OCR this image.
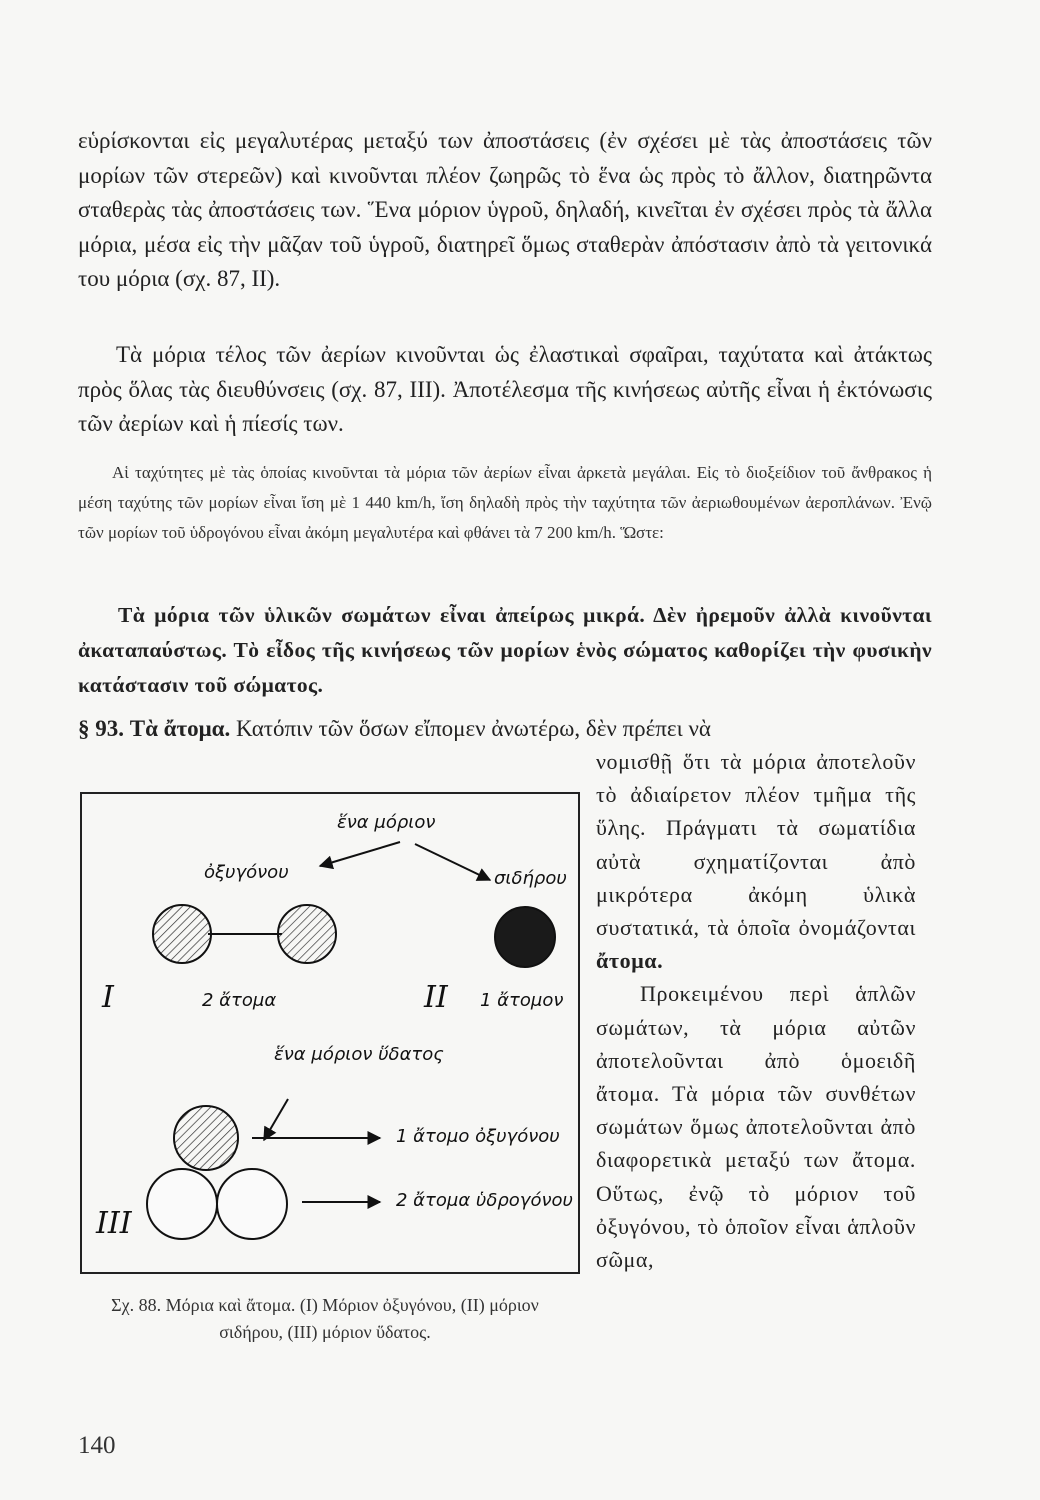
εὑρίσκονται εἰς μεγαλυτέρας μεταξύ των ἀποστάσεις (ἐν σχέσει μὲ τὰς ἀποστάσεις τῶν μορίων τῶν στερεῶν) καὶ κινοῦνται πλέον ζωηρῶς τὸ ἕνα ὡς πρὸς τὸ ἄλλον, διατηρῶντα σταθερὰς τὰς ἀποστάσεις των. Ἕνα μόριον ὑγροῦ, δηλαδή, κινεῖται ἐν σχέσει πρὸς τὰ ἄλλα μόρια, μέσα εἰς τὴν μᾶζαν τοῦ ὑγροῦ, διατηρεῖ ὅμως σταθερὰν ἀπόστασιν ἀπὸ τὰ γειτονικά του μόρια (σχ. 87, II).

Τὰ μόρια τέλος τῶν ἀερίων κινοῦνται ὡς ἐλαστικαὶ σφαῖραι, ταχύτατα καὶ ἀτάκτως πρὸς ὅλας τὰς διευθύνσεις (σχ. 87, III). Ἀποτέλεσμα τῆς κινήσεως αὐτῆς εἶναι ἡ ἐκτόνωσις τῶν ἀερίων καὶ ἡ πίεσίς των.

Αἱ ταχύτητες μὲ τὰς ὁποίας κινοῦνται τὰ μόρια τῶν ἀερίων εἶναι ἀρκετὰ μεγάλαι. Εἰς τὸ διοξείδιον τοῦ ἄνθρακος ἡ μέση ταχύτης τῶν μορίων εἶναι ἴση μὲ 1 440 km/h, ἴση δηλαδὴ πρὸς τὴν ταχύτητα τῶν ἀεριωθουμένων ἀεροπλάνων. Ἐνῷ τῶν μορίων τοῦ ὑδρογόνου εἶναι ἀκόμη μεγαλυτέρα καὶ φθάνει τὰ 7 200 km/h. Ὥστε:

Τὰ μόρια τῶν ὑλικῶν σωμάτων εἶναι ἀπείρως μικρά. Δὲν ἠρεμοῦν ἀλλὰ κινοῦνται ἀκαταπαύστως. Τὸ εἶδος τῆς κινήσεως τῶν μορίων ἑνὸς σώματος καθορίζει τὴν φυσικὴν κατάστασιν τοῦ σώματος.

§ 93. Τὰ ἄτομα. Κατόπιν τῶν ὅσων εἴπομεν ἀνωτέρω, δὲν πρέπει νὰ

νομισθῇ ὅτι τὰ μόρια ἀποτελοῦν τὸ ἀδιαίρετον πλέον τμῆμα τῆς ὕλης. Πράγματι τὰ σωματίδια αὐτὰ σχηματίζονται ἀπὸ μικρότερα ἀκόμη ὑλικὰ συστατικά, τὰ ὁποῖα ὀνομάζονται ἄτομα.

Προκειμένου περὶ ἁπλῶν σωμάτων, τὰ μόρια αὐτῶν ἀποτελοῦνται ἀπὸ ὁμοειδῆ ἄτομα. Τὰ μόρια τῶν συνθέτων σωμάτων ὅμως ἀποτελοῦνται ἀπὸ διαφορετικὰ μεταξύ των ἄτομα. Οὕτως, ἐνῷ τὸ μόριον τοῦ ὀξυγόνου, τὸ ὁποῖον εἶναι ἁπλοῦν σῶμα,

ἕνα μόριον
ὀξυγόνου	σιδήρου
I	2 ἄτομα	II 1 ἄτομον
ἕνα μόριον ὕδατος
1 ἄτομο ὀξυγόνου
III
2 ἄτομα ὑδρογόνου

Σχ. 88. Μόρια καὶ ἄτομα. (I) Μόριον ὀξυγόνου, (II) μόριον σιδήρου, (III) μόριον ὕδατος.

140
